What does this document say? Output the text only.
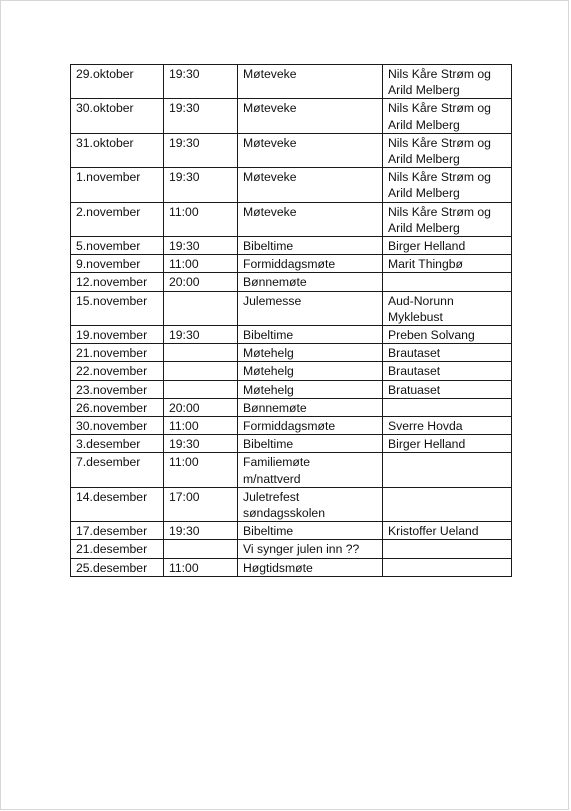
29.oktober	19:30	Møteveke	Nils Kåre Strøm og
Arild Melberg
30.oktober	19:30	Møteveke	Nils Kåre Strøm og
Arild Melberg
31.oktober	19:30	Møteveke	Nils Kåre Strøm og
Arild Melberg
1.november	19:30	Møteveke	Nils Kåre Strøm og
Arild Melberg
2.november	11:00	Møteveke	Nils Kåre Strøm og
Arild Melberg
5.november	19:30	Bibeltime	Birger Helland
9.november	11:00	Formiddagsmøte	Marit Thingbø
12.november	20:00	Bønnemøte	
15.november		Julemesse	Aud-Norunn
Myklebust
19.november	19:30	Bibeltime	Preben Solvang
21.november		Møtehelg	Brautaset
22.november		Møtehelg	Brautaset
23.november		Møtehelg	Bratuaset
26.november	20:00	Bønnemøte	
30.november	11:00	Formiddagsmøte	Sverre Hovda
3.desember	19:30	Bibeltime	Birger Helland
7.desember	11:00	Familiemøte
m/nattverd	
14.desember	17:00	Juletrefest
søndagsskolen	
17.desember	19:30	Bibeltime	Kristoffer Ueland
21.desember		Vi synger julen inn ??	
25.desember	11:00	Høgtidsmøte	
